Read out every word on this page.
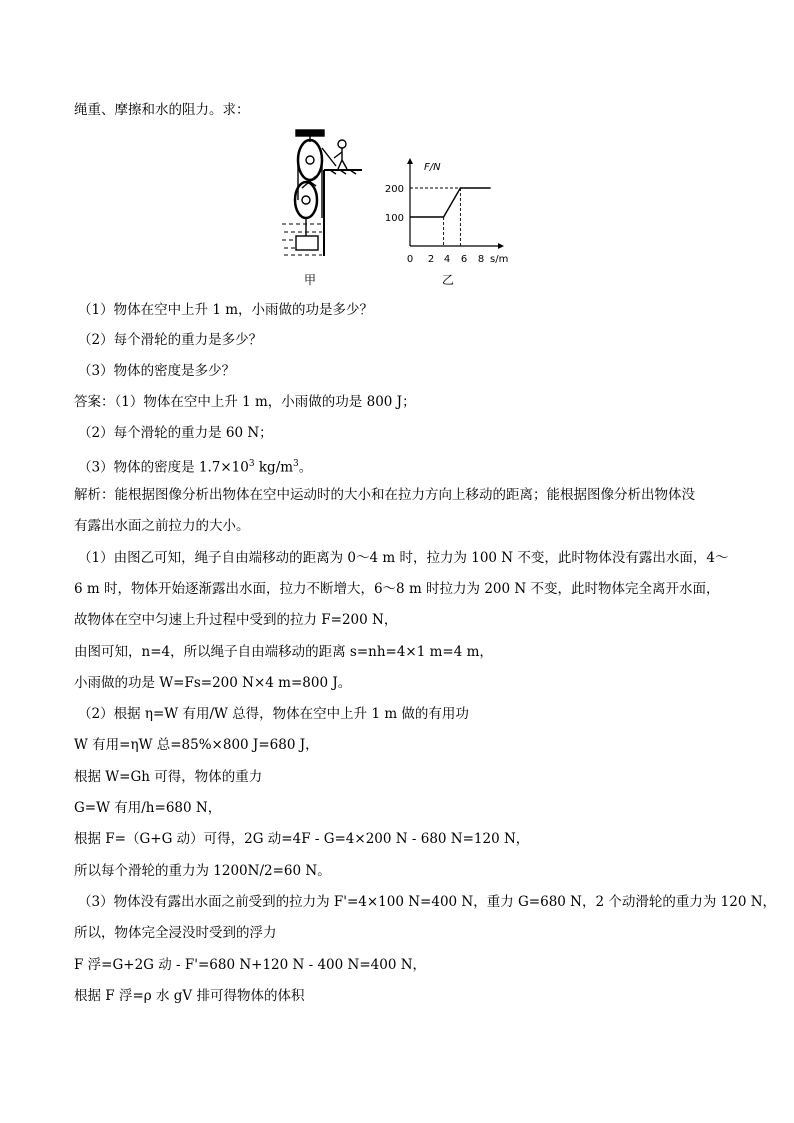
绳重、摩擦和水的阻力。求：
甲
F/N
s/m
200
100
0 2 4 6 8
乙
（1）物体在空中上升 1 m，小雨做的功是多少？
（2）每个滑轮的重力是多少？
（3）物体的密度是多少？
答案：（1）物体在空中上升 1 m，小雨做的功是 800 J；
（2）每个滑轮的重力是 60 N；
（3）物体的密度是 $1.7\times 10^3$ $kg/m^3$。
解析：能根据图像分析出物体在空中运动时的大小和在拉力方向上移动的距离；能根据图像分析出物体没
有露出水面之前拉力的大小。
（1）由图乙可知，绳子自由端移动的距离为 0～4 m 时，拉力为 100 N 不变，此时物体没有露出水面，4～
6 m 时，物体开始逐渐露出水面，拉力不断增大，6～8 m 时拉力为 200 N 不变，此时物体完全离开水面，
故物体在空中匀速上升过程中受到的拉力 F=200 N，
由图可知，n=4，所以绳子自由端移动的距离 s=nh=4×1 m=4 m，
小雨做的功是 W=Fs=200 N×4 m=800 J。
（2）根据 η=W 有用/W 总得，物体在空中上升 1 m 做的有用功
W 有用=ηW 总=85%×800 J=680 J，
根据 W=Gh 可得，物体的重力
G=W 有用/h=680 N，
根据 F=（G+G 动）可得，2G 动=4F - G=4×200 N - 680 N=120 N，
所以每个滑轮的重力为 1200N/2=60 N。
（3）物体没有露出水面之前受到的拉力为 F'=4×100 N=400 N，重力 G=680 N，2 个动滑轮的重力为 120 N，
所以，物体完全浸没时受到的浮力
F 浮=G+2G 动 - F'=680 N+120 N - 400 N=400 N，
根据 F 浮=ρ 水 gV 排可得物体的体积
